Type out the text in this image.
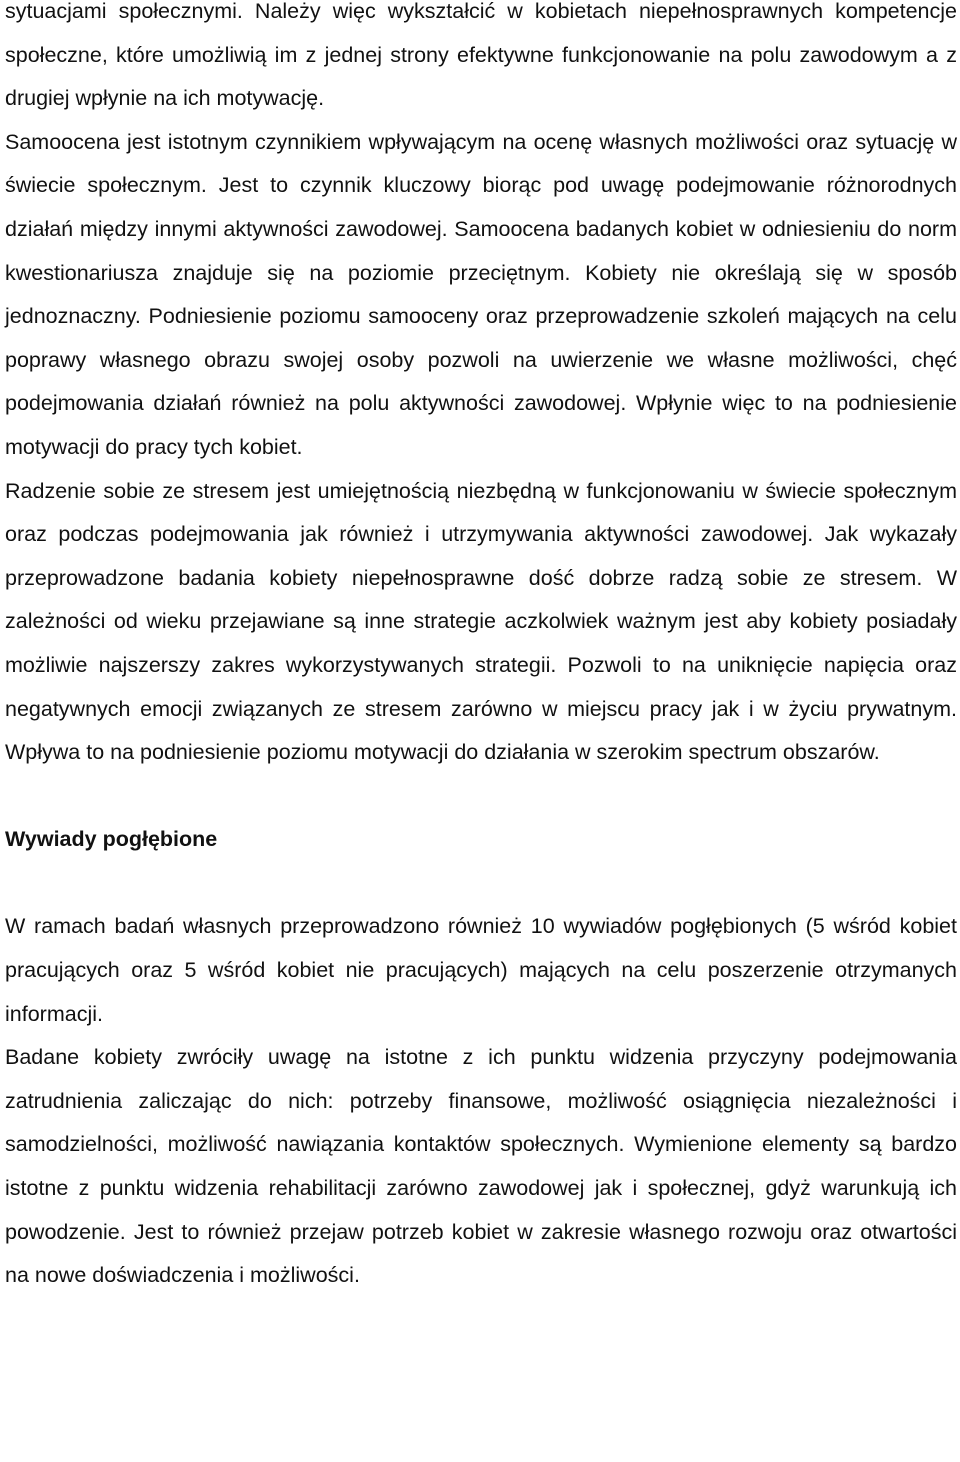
sytuacjami społecznymi. Należy więc wykształcić w kobietach niepełnosprawnych kompetencje społeczne, które umożliwią im z jednej strony efektywne funkcjonowanie na polu zawodowym a z drugiej wpłynie na ich motywację.

Samoocena jest istotnym czynnikiem wpływającym na ocenę własnych możliwości oraz sytuację w świecie społecznym. Jest to czynnik kluczowy biorąc pod uwagę podejmowanie różnorodnych działań między innymi aktywności zawodowej. Samoocena badanych kobiet w odniesieniu do norm kwestionariusza znajduje się na poziomie przeciętnym. Kobiety nie określają się w sposób jednoznaczny. Podniesienie poziomu samooceny oraz przeprowadzenie szkoleń mających na celu poprawy własnego obrazu swojej osoby pozwoli na uwierzenie we własne możliwości, chęć podejmowania działań również na polu aktywności zawodowej. Wpłynie więc to na podniesienie motywacji do pracy tych kobiet.

Radzenie sobie ze stresem jest umiejętnością niezbędną w funkcjonowaniu w świecie społecznym oraz podczas podejmowania jak również i utrzymywania aktywności zawodowej. Jak wykazały przeprowadzone badania kobiety niepełnosprawne dość dobrze radzą sobie ze stresem. W zależności od wieku przejawiane są inne strategie aczkolwiek ważnym jest aby kobiety posiadały możliwie najszerszy zakres wykorzystywanych strategii. Pozwoli to na uniknięcie napięcia oraz negatywnych emocji związanych ze stresem zarówno w miejscu pracy jak i w życiu prywatnym. Wpływa to na podniesienie poziomu motywacji do działania w szerokim spectrum obszarów.

Wywiady pogłębione

W ramach badań własnych przeprowadzono również 10 wywiadów pogłębionych (5 wśród kobiet pracujących oraz 5 wśród kobiet nie pracujących) mających na celu poszerzenie otrzymanych informacji.

Badane kobiety zwróciły uwagę na istotne z ich punktu widzenia przyczyny podejmowania zatrudnienia zaliczając do nich: potrzeby finansowe, możliwość osiągnięcia niezależności i samodzielności, możliwość nawiązania kontaktów społecznych. Wymienione elementy są bardzo istotne z punktu widzenia rehabilitacji zarówno zawodowej jak i społecznej, gdyż warunkują ich powodzenie. Jest to również przejaw potrzeb kobiet w zakresie własnego rozwoju oraz otwartości na nowe doświadczenia i możliwości.
